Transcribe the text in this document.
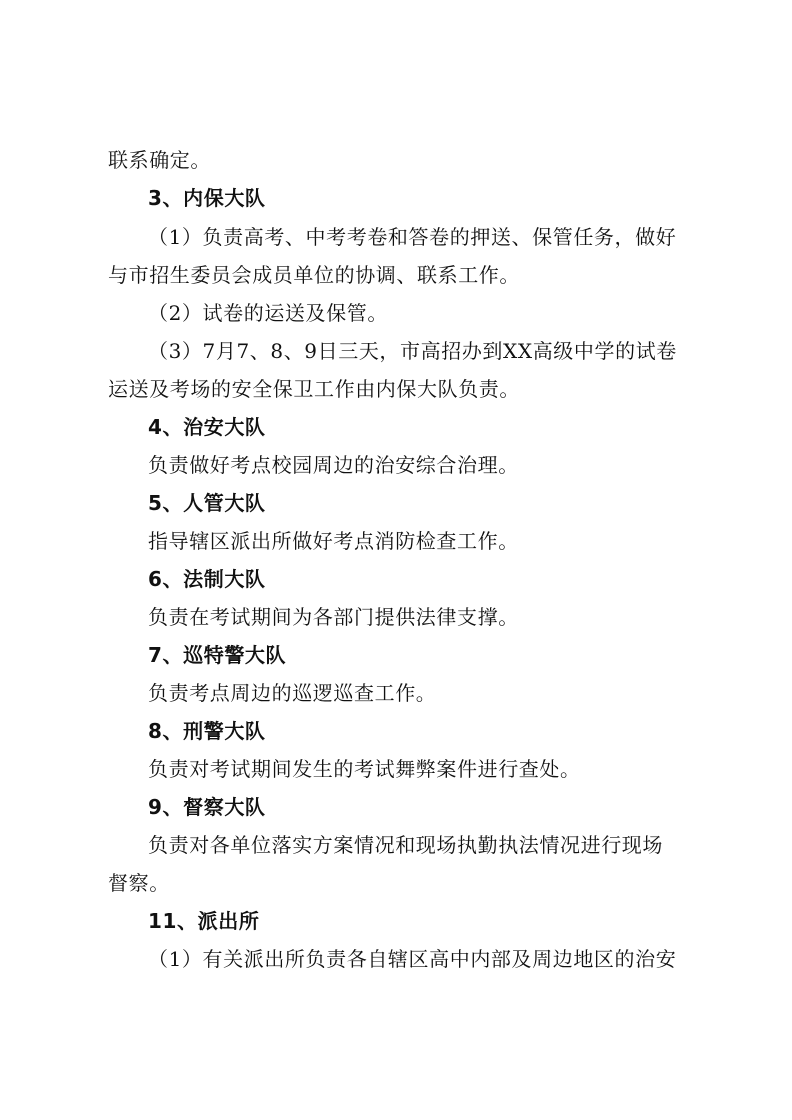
联系确定。
3、内保大队
（1）负责高考、中考考卷和答卷的押送、保管任务，做好
与市招生委员会成员单位的协调、联系工作。
（2）试卷的运送及保管。
（3）7月7、8、9日三天，市高招办到XX高级中学的试卷
运送及考场的安全保卫工作由内保大队负责。
4、治安大队
负责做好考点校园周边的治安综合治理。
5、人管大队
指导辖区派出所做好考点消防检查工作。
6、法制大队
负责在考试期间为各部门提供法律支撑。
7、巡特警大队
负责考点周边的巡逻巡查工作。
8、刑警大队
负责对考试期间发生的考试舞弊案件进行查处。
9、督察大队
负责对各单位落实方案情况和现场执勤执法情况进行现场
督察。
11、派出所
（1）有关派出所负责各自辖区高中内部及周边地区的治安
